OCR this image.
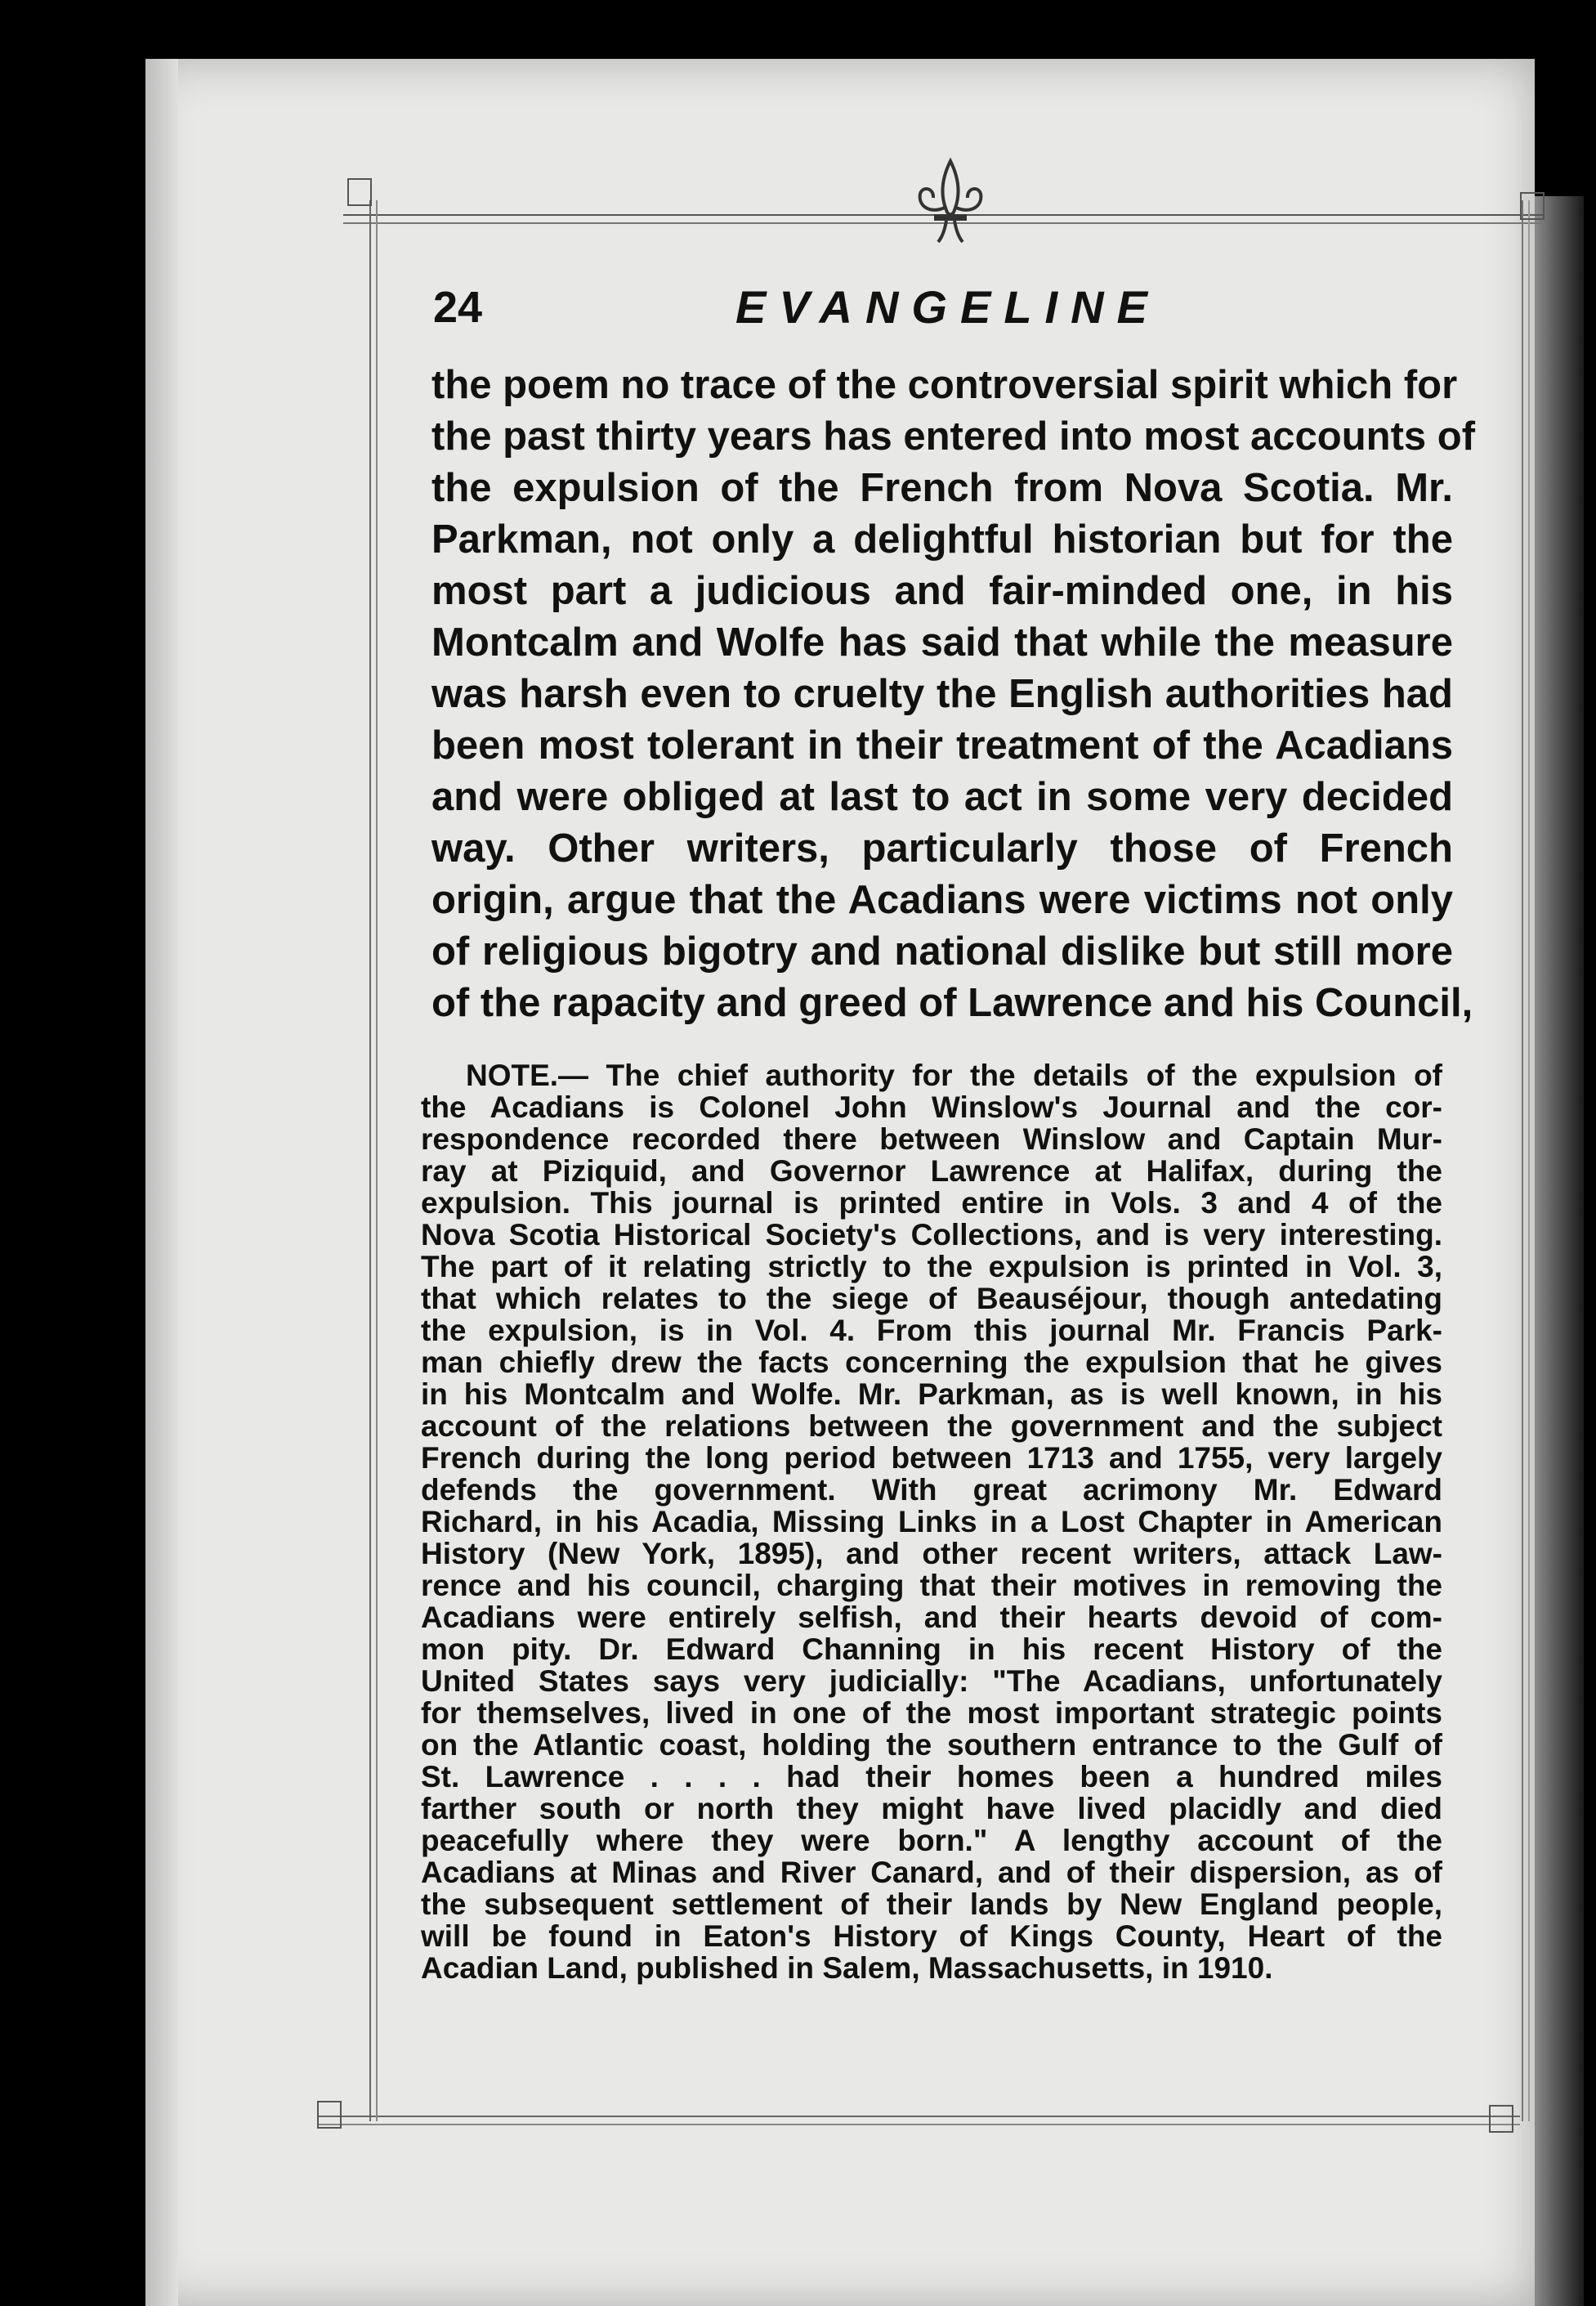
24	EVANGELINE
the poem no trace of the controversial spirit which for
the past thirty years has entered into most accounts of
the expulsion of the French from Nova Scotia. Mr.
Parkman, not only a delightful historian but for the
most part a judicious and fair-minded one, in his
Montcalm and Wolfe has said that while the measure
was harsh even to cruelty the English authorities had
been most tolerant in their treatment of the Acadians
and were obliged at last to act in some very decided
way. Other writers, particularly those of French
origin, argue that the Acadians were victims not only
of religious bigotry and national dislike but still more
of the rapacity and greed of Lawrence and his Council,
NOTE.— The chief authority for the details of the expulsion of
the Acadians is Colonel John Winslow's Journal and the cor-
respondence recorded there between Winslow and Captain Mur-
ray at Piziquid, and Governor Lawrence at Halifax, during the
expulsion. This journal is printed entire in Vols. 3 and 4 of the
Nova Scotia Historical Society's Collections, and is very interesting.
The part of it relating strictly to the expulsion is printed in Vol. 3,
that which relates to the siege of Beauséjour, though antedating
the expulsion, is in Vol. 4. From this journal Mr. Francis Park-
man chiefly drew the facts concerning the expulsion that he gives
in his Montcalm and Wolfe. Mr. Parkman, as is well known, in his
account of the relations between the government and the subject
French during the long period between 1713 and 1755, very largely
defends the government. With great acrimony Mr. Edward
Richard, in his Acadia, Missing Links in a Lost Chapter in American
History (New York, 1895), and other recent writers, attack Law-
rence and his council, charging that their motives in removing the
Acadians were entirely selfish, and their hearts devoid of com-
mon pity. Dr. Edward Channing in his recent History of the
United States says very judicially: "The Acadians, unfortunately
for themselves, lived in one of the most important strategic points
on the Atlantic coast, holding the southern entrance to the Gulf of
St. Lawrence . . . . had their homes been a hundred miles
farther south or north they might have lived placidly and died
peacefully where they were born." A lengthy account of the
Acadians at Minas and River Canard, and of their dispersion, as of
the subsequent settlement of their lands by New England people,
will be found in Eaton's History of Kings County, Heart of the
Acadian Land, published in Salem, Massachusetts, in 1910.
